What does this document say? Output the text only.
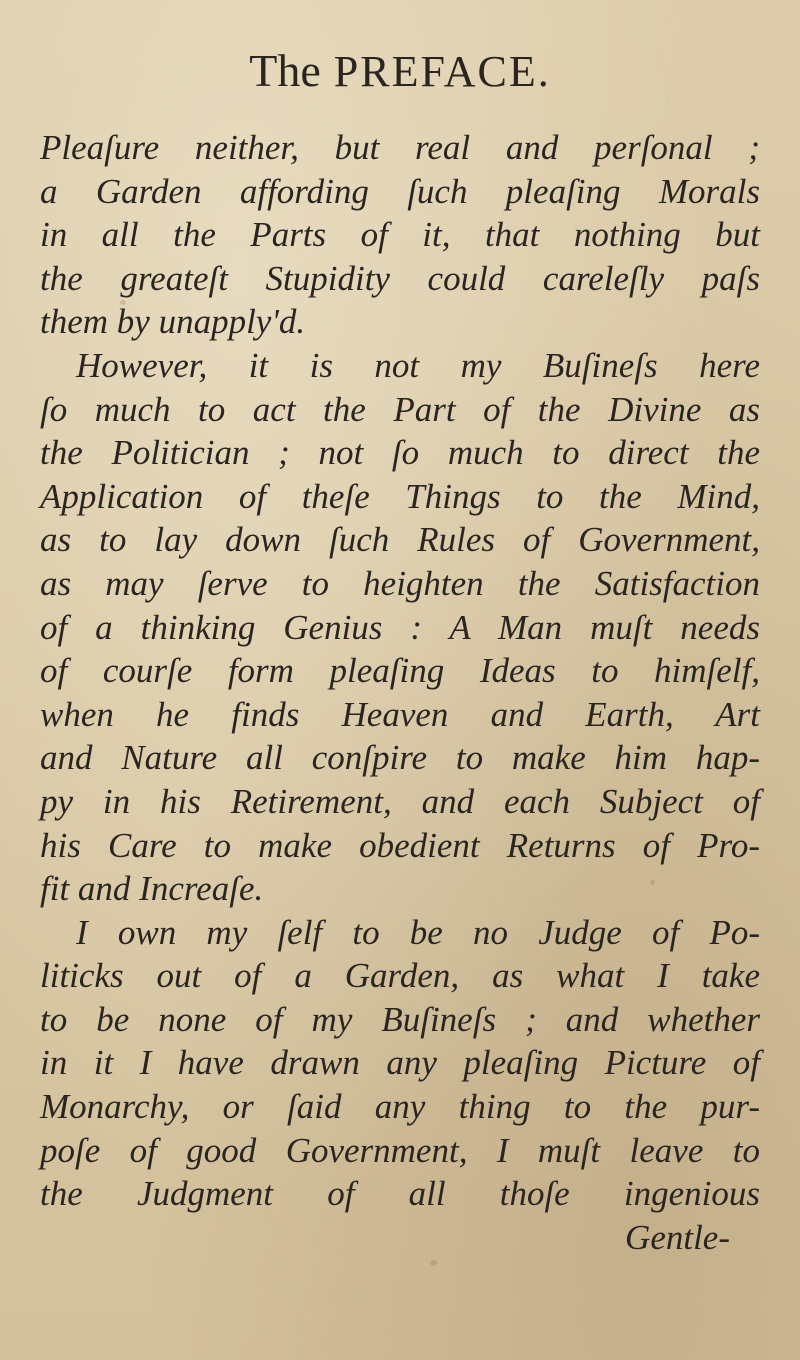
The PREFACE.
Pleaſure neither, but real and perſonal ;
a Garden affording ſuch pleaſing Morals
in all the Parts of it, that nothing but
the greateſt Stupidity could careleſly paſs
them by unapply'd.
However, it is not my Buſineſs here
ſo much to act the Part of the Divine as
the Politician ; not ſo much to direct the
Application of theſe Things to the Mind,
as to lay down ſuch Rules of Government,
as may ſerve to heighten the Satisfaction
of a thinking Genius : A Man muſt needs
of courſe form pleaſing Ideas to himſelf,
when he finds Heaven and Earth, Art
and Nature all conſpire to make him hap-
py in his Retirement, and each Subject of
his Care to make obedient Returns of Pro-
fit and Increaſe.
I own my ſelf to be no Judge of Po-
liticks out of a Garden, as what I take
to be none of my Buſineſs ; and whether
in it I have drawn any pleaſing Picture of
Monarchy, or ſaid any thing to the pur-
poſe of good Government, I muſt leave to
the Judgment of all thoſe ingenious
Gentle-
